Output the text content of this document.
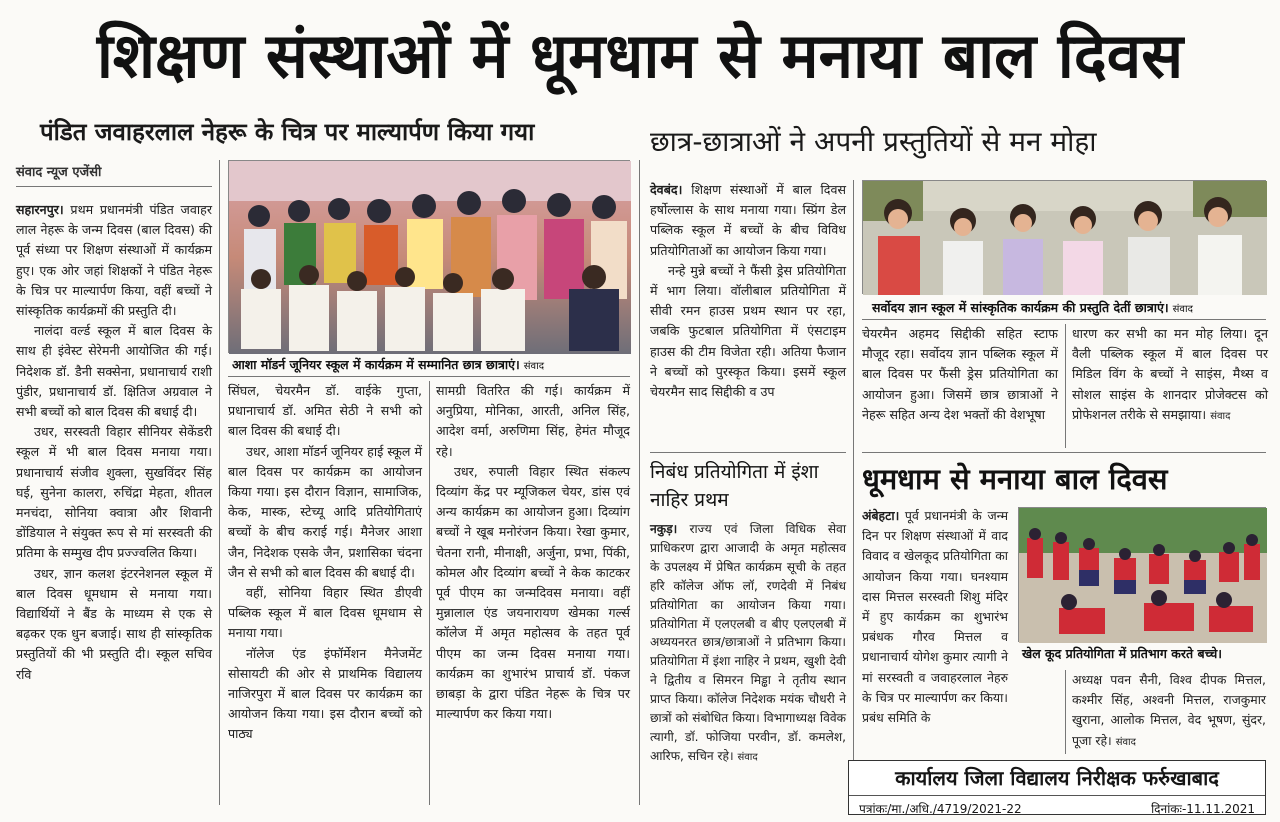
शिक्षण संस्थाओं में धूमधाम से मनाया बाल दिवस
पंडित जवाहरलाल नेहरू के चित्र पर माल्यार्पण किया गया
संवाद न्यूज एजेंसी

सहारनपुर। प्रथम प्रधानमंत्री पंडित जवाहर लाल नेहरू के जन्म दिवस (बाल दिवस) की पूर्व संध्या पर शिक्षण संस्थाओं में कार्यक्रम हुए। एक ओर जहां शिक्षकों ने पंडित नेहरू के चित्र पर माल्यार्पण किया, वहीं बच्चों ने सांस्कृतिक कार्यक्रमों की प्रस्तुति दी।

नालंदा वर्ल्ड स्कूल में बाल दिवस के साथ ही इंवेस्ट सेरेमनी आयोजित की गई। निदेशक डॉ. डैनी सक्सेना, प्रधानाचार्य राशी पुंडीर, प्रधानाचार्य डॉ. क्षितिज अग्रवाल ने सभी बच्चों को बाल दिवस की बधाई दी।

उधर, सरस्वती विहार सीनियर सेकेंडरी स्कूल में भी बाल दिवस मनाया गया। प्रधानाचार्य संजीव शुक्ला, सुखविंदर सिंह घई, सुनेना कालरा, रुचिंद्रा मेहता, शीतल मनचंदा, सोनिया क्वात्रा और शिवानी डोंडियाल ने संयुक्त रूप से मां सरस्वती की प्रतिमा के सम्मुख दीप प्रज्ज्वलित किया।

उधर, ज्ञान कलश इंटरनेशनल स्कूल में बाल दिवस धूमधाम से मनाया गया। विद्यार्थियों ने बैंड के माध्यम से एक से बढ़कर एक धुन बजाई। साथ ही सांस्कृतिक प्रस्तुतियों की भी प्रस्तुति दी। स्कूल सचिव रवि

आशा मॉडर्न जूनियर स्कूल में कार्यक्रम में सम्मानित छात्र छात्राएं। संवाद

सिंघल, चेयरमैन डॉ. वाईके गुप्ता, प्रधानाचार्य डॉ. अमित सेठी ने सभी को बाल दिवस की बधाई दी।

उधर, आशा मॉडर्न जूनियर हाई स्कूल में बाल दिवस पर कार्यक्रम का आयोजन किया गया। इस दौरान विज्ञान, सामाजिक, केक, मास्क, स्टेच्यू आदि प्रतियोगिताएं बच्चों के बीच कराई गई। मैनेजर आशा जैन, निदेशक एसके जैन, प्रशासिका चंदना जैन से सभी को बाल दिवस की बधाई दी।

वहीं, सोनिया विहार स्थित डीएवी पब्लिक स्कूल में बाल दिवस धूमधाम से मनाया गया।

नॉलेज एंड इंफॉर्मेशन मैनेजमेंट सोसायटी की ओर से प्राथमिक विद्यालय नाजिरपुरा में बाल दिवस पर कार्यक्रम का आयोजन किया गया। इस दौरान बच्चों को पाठ्य

सामग्री वितरित की गई। कार्यक्रम में अनुप्रिया, मोनिका, आरती, अनिल सिंह, आदेश वर्मा, अरुणिमा सिंह, हेमंत मौजूद रहे।

उधर, रुपाली विहार स्थित संकल्प दिव्यांग केंद्र पर म्यूजिकल चेयर, डांस एवं अन्य कार्यक्रम का आयोजन हुआ। दिव्यांग बच्चों ने खूब मनोरंजन किया। रेखा कुमार, चेतना रानी, मीनाक्षी, अर्जुना, प्रभा, पिंकी, कोमल और दिव्यांग बच्चों ने केक काटकर पूर्व पीएम का जन्मदिवस मनाया। वहीं मुन्नालाल एंड जयनारायण खेमका गर्ल्स कॉलेज में अमृत महोत्सव के तहत पूर्व पीएम का जन्म दिवस मनाया गया। कार्यक्रम का शुभारंभ प्राचार्य डॉ. पंकज छाबड़ा के द्वारा पंडित नेहरू के चित्र पर माल्यार्पण कर किया गया।

छात्र-छात्राओं ने अपनी प्रस्तुतियों से मन मोहा

देवबंद। शिक्षण संस्थाओं में बाल दिवस हर्षोल्लास के साथ मनाया गया। स्प्रिंग डेल पब्लिक स्कूल में बच्चों के बीच विविध प्रतियोगिताओं का आयोजन किया गया।

नन्हे मुन्ने बच्चों ने फैंसी ड्रेस प्रतियोगिता में भाग लिया। वॉलीबाल प्रतियोगिता में सीवी रमन हाउस प्रथम स्थान पर रहा, जबकि फुटबाल प्रतियोगिता में एंसटाइम हाउस की टीम विजेता रही। अतिया फैजान ने बच्चों को पुरस्कृत किया। इसमें स्कूल चेयरमैन साद सिद्दीकी व उप

सर्वोदय ज्ञान स्कूल में सांस्कृतिक कार्यक्रम की प्रस्तुति देतीं छात्राएं। संवाद

चेयरमैन अहमद सिद्दीकी सहित स्टाफ मौजूद रहा। सर्वोदय ज्ञान पब्लिक स्कूल में बाल दिवस पर फैंसी ड्रेस प्रतियोगिता का आयोजन हुआ। जिसमें छात्र छात्राओं ने नेहरू सहित अन्य देश भक्तों की वेशभूषा

धारण कर सभी का मन मोह लिया। दून वैली पब्लिक स्कूल में बाल दिवस पर मिडिल विंग के बच्चों ने साइंस, मैथ्स व सोशल साइंस के शानदार प्रोजेक्टस को प्रोफेशनल तरीके से समझाया। संवाद

निबंध प्रतियोगिता में इंशा नाहिर प्रथम

नकुड़। राज्य एवं जिला विधिक सेवा प्राधिकरण द्वारा आजादी के अमृत महोत्सव के उपलक्ष्य में प्रेषित कार्यक्रम सूची के तहत हरि कॉलेज ऑफ लॉ, रणदेवी में निबंध प्रतियोगिता का आयोजन किया गया। प्रतियोगिता में एलएलबी व बीए एलएलबी में अध्ययनरत छात्र/छात्राओं ने प्रतिभाग किया। प्रतियोगिता में इंशा नाहिर ने प्रथम, खुशी देवी ने द्वितीय व सिमरन मिड्ढा ने तृतीय स्थान प्राप्त किया। कॉलेज निदेशक मयंक चौधरी ने छात्रों को संबोधित किया। विभागाध्यक्ष विवेक त्यागी, डॉ. फोजिया परवीन, डॉ. कमलेश, आरिफ, सचिन रहे। संवाद

धूमधाम से मनाया बाल दिवस

अंबेहटा। पूर्व प्रधानमंत्री के जन्म दिन पर शिक्षण संस्थाओं में वाद विवाद व खेलकूद प्रतियोगिता का आयोजन किया गया। घनश्याम दास मित्तल सरस्वती शिशु मंदिर में हुए कार्यक्रम का शुभारंभ प्रबंधक गौरव मित्तल व प्रधानाचार्य योगेश कुमार त्यागी ने मां सरस्वती व जवाहरलाल नेहरु के चित्र पर माल्यार्पण कर किया। प्रबंध समिति के

खेल कूद प्रतियोगिता में प्रतिभाग करते बच्चे।

अध्यक्ष पवन सैनी, विश्व दीपक मित्तल, कश्मीर सिंह, अश्वनी मित्तल, राजकुमार खुराना, आलोक मित्तल, वेद भूषण, सुंदर, पूजा रहे। संवाद

कार्यालय जिला विद्यालय निरीक्षक फर्रुखाबाद
पत्रांकः/मा./अधि./4719/2021-22	दिनांकः-11.11.2021
